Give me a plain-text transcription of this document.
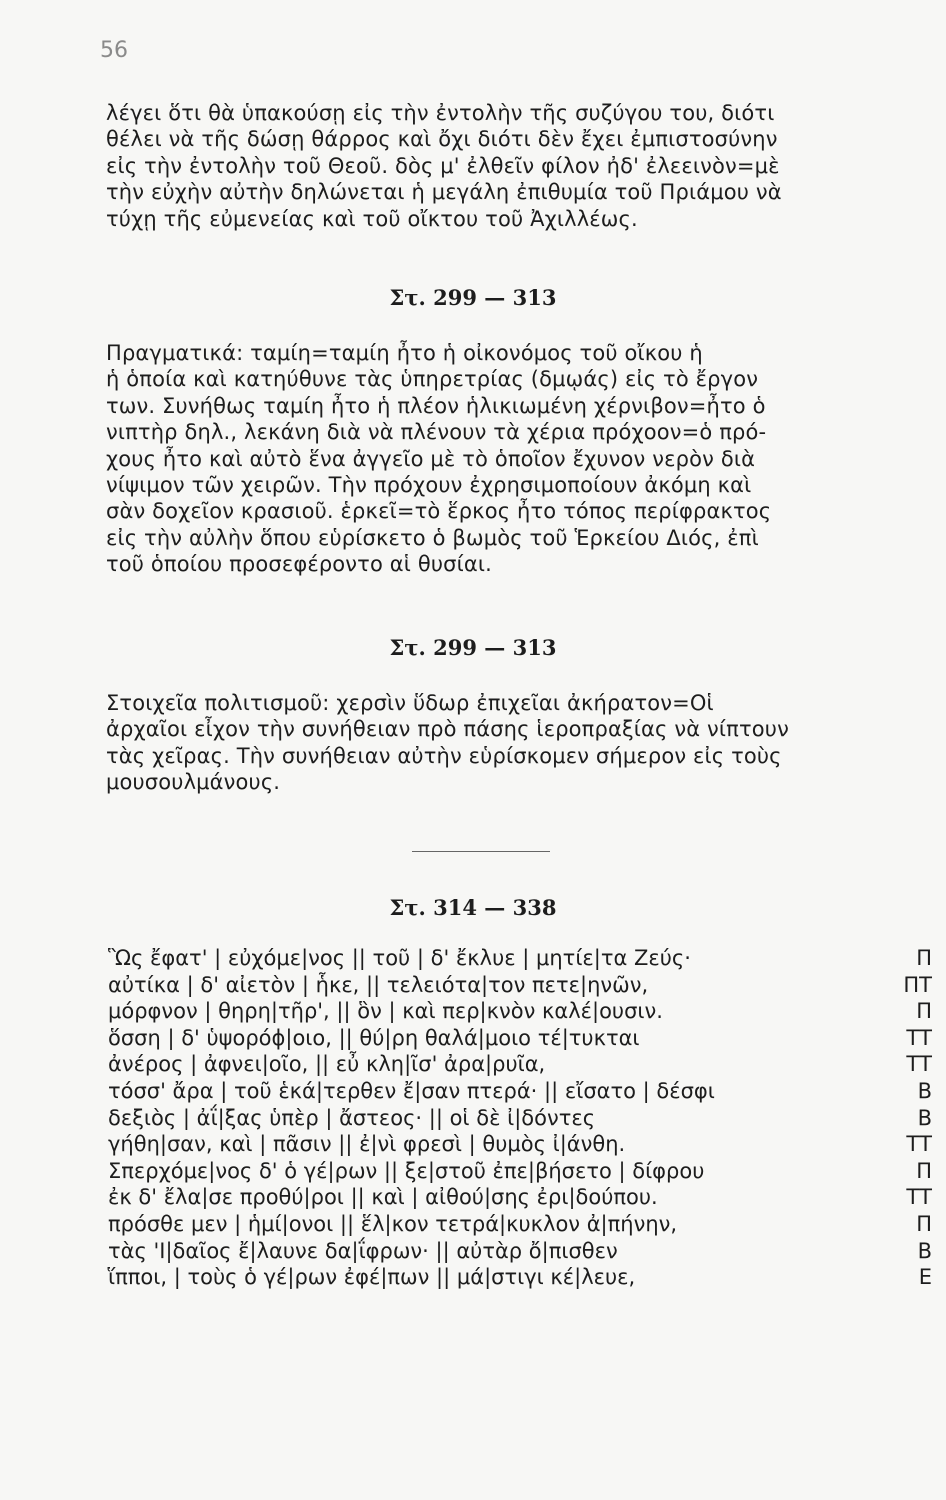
56
λέγει ὅτι θὰ ὑπακούσῃ εἰς τὴν ἐντολὴν τῆς συζύγου του, διότι
θέλει νὰ τῆς δώσῃ θάρρος καὶ ὄχι διότι δὲν ἔχει ἐμπιστοσύνην
εἰς τὴν ἐντολὴν τοῦ Θεοῦ. δὸς μ' ἐλθεῖν φίλον ἠδ' ἐλεεινὸν=μὲ
τὴν εὐχὴν αὐτὴν δηλώνεται ἡ μεγάλη ἐπιθυμία τοῦ Πριάμου νὰ
τύχῃ τῆς εὐμενείας καὶ τοῦ οἴκτου τοῦ Ἀχιλλέως.
Στ. 299 — 313
Πραγματικά: ταμίη=ταμίη ἦτο ἡ οἰκονόμος τοῦ οἴκου ἡ
ἡ ὁποία καὶ κατηύθυνε τὰς ὑπηρετρίας (δμῳάς) εἰς τὸ ἔργον
των. Συνήθως ταμίη ἦτο ἡ πλέον ἡλικιωμένη χέρνιβον=ἦτο ὁ
νιπτὴρ δηλ., λεκάνη διὰ νὰ πλένουν τὰ χέρια πρόχοον=ὁ πρό-
χους ἦτο καὶ αὐτὸ ἕνα ἀγγεῖο μὲ τὸ ὁποῖον ἔχυνον νερὸν διὰ
νίψιμον τῶν χειρῶν. Τὴν πρόχουν ἐχρησιμοποίουν ἀκόμη καὶ
σὰν δοχεῖον κρασιοῦ. ἑρκεῖ=τὸ ἕρκος ἦτο τόπος περίφρακτος
εἰς τὴν αὐλὴν ὅπου εὑρίσκετο ὁ βωμὸς τοῦ Ἑρκείου Διός, ἐπὶ
τοῦ ὁποίου προσεφέροντο αἱ θυσίαι.
Στ. 299 — 313
Στοιχεῖα πολιτισμοῦ: χερσὶν ὕδωρ ἐπιχεῖαι ἀκήρατον=Οἱ
ἀρχαῖοι εἶχον τὴν συνήθειαν πρὸ πάσης ἱεροπραξίας νὰ νίπτουν
τὰς χεῖρας. Τὴν συνήθειαν αὐτὴν εὑρίσκομεν σήμερον εἰς τοὺς
μουσουλμάνους.
Στ. 314 — 338
Ὣς ἔφατ' | εὐχόμε|νος || τοῦ | δ' ἔκλυε | μητίε|τα Ζεύς·	Π
αὐτίκα | δ' αἰετὸν | ἧκε, || τελειότα|τον πετε|ηνῶν,	ΠΤ
μόρφνον | θηρη|τῆρ', || ὃν | καὶ περ|κνὸν καλέ|ουσιν.	Π
ὅσση | δ' ὑψορόϕ|οιο, || θύ|ρη θαλά|μοιο τέ|τυκται	ΤΤ
ἀνέρος | ἀφνει|οῖο, || εὖ κλη|ῖσ' ἀρα|ρυῖα,	ΤΤ
τόσσ' ἄρα | τοῦ ἑκά|τερθεν ἔ|σαν πτερά· || εἴσατο | δέσφι	Β
δεξιὸς | ἀΐ|ξας ὑπὲρ | ἄστεος· || οἱ δὲ ἰ|δόντες	Β
γήθη|σαν, καὶ | πᾶσιν || ἐ|νὶ φρεσὶ | θυμὸς ἰ|άνθη.	ΤΤ
Σπερχόμε|νος δ' ὁ γέ|ρων || ξε|στοῦ ἐπε|βήσετο | δίφρου	Π
ἐκ δ' ἔλα|σε προθύ|ροι || καὶ | αἰθού|σης ἐρι|δούπου.	ΤΤ
πρόσθε μεν | ἡμί|ονοι || ἕλ|κον τετρά|κυκλον ἀ|πήνην,	Π
τὰς 'Ι|δαῖος ἔ|λαυνε δα|ΐφρων· || αὐτὰρ ὄ|πισθεν	Β
ἵπποι, | τοὺς ὁ γέ|ρων ἐφέ|πων || μά|στιγι κέ|λευε,	Ε
